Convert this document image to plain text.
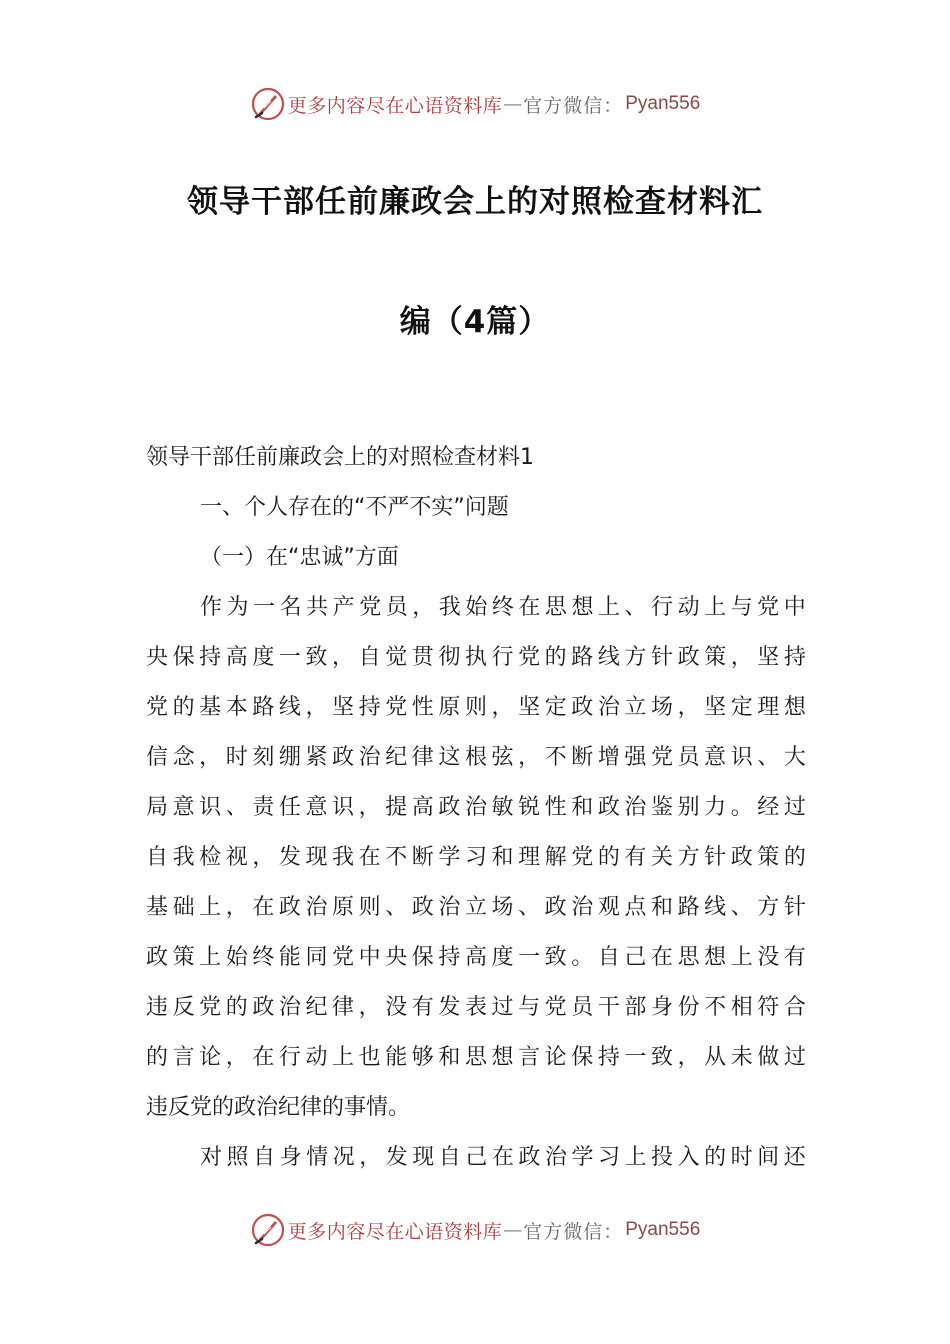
更多内容尽在心语资料库 — 官方微信： Pyan556
领导干部任前廉政会上的对照检查材料汇
编（4篇）
领导干部任前廉政会上的对照检查材料1
一、个人存在的“不严不实”问题
（一）在“忠诚”方面
作 为 一 名 共 产 党 员 ， 我 始 终 在 思 想 上 、 行 动 上 与 党 中
央 保 持 高 度 一 致 ， 自 觉 贯 彻 执 行 党 的 路 线 方 针 政 策 ， 坚 持
党 的 基 本 路 线 ， 坚 持 党 性 原 则 ， 坚 定 政 治 立 场 ， 坚 定 理 想
信 念 ， 时 刻 绷 紧 政 治 纪 律 这 根 弦 ， 不 断 增 强 党 员 意 识 、 大
局 意 识 、 责 任 意 识 ， 提 高 政 治 敏 锐 性 和 政 治 鉴 别 力 。 经 过
自 我 检 视 ， 发 现 我 在 不 断 学 习 和 理 解 党 的 有 关 方 针 政 策 的
基 础 上 ， 在 政 治 原 则 、 政 治 立 场 、 政 治 观 点 和 路 线 、 方 针
政 策 上 始 终 能 同 党 中 央 保 持 高 度 一 致 。 自 己 在 思 想 上 没 有
违 反 党 的 政 治 纪 律 ， 没 有 发 表 过 与 党 员 干 部 身 份 不 相 符 合
的 言 论 ， 在 行 动 上 也 能 够 和 思 想 言 论 保 持 一 致 ， 从 未 做 过
违反党的政治纪律的事情。
对 照 自 身 情 况 ， 发 现 自 己 在 政 治 学 习 上 投 入 的 时 间 还
更多内容尽在心语资料库 — 官方微信： Pyan556
